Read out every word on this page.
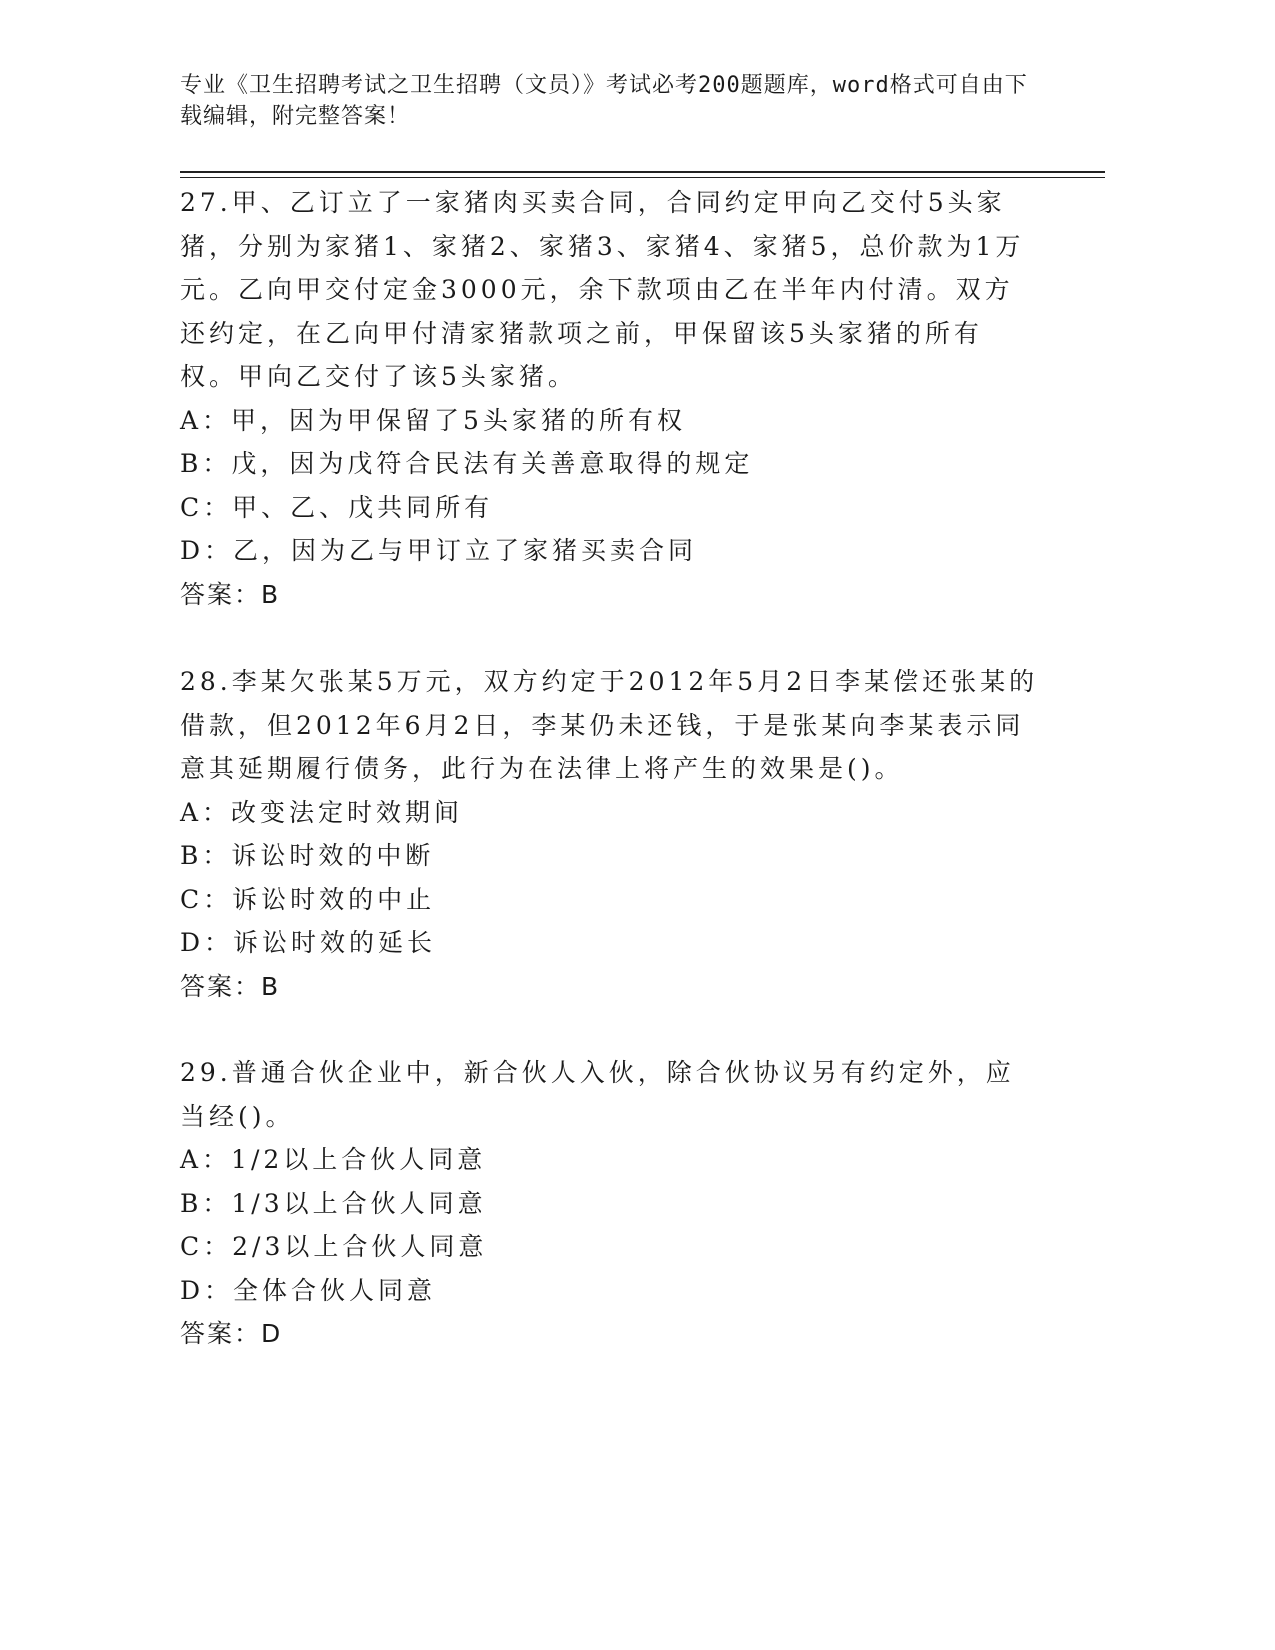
专业《卫生招聘考试之卫生招聘（文员）》考试必考200题题库，word格式可自由下载编辑，附完整答案！

27.甲、乙订立了一家猪肉买卖合同，合同约定甲向乙交付5头家猪，分别为家猪1、家猪2、家猪3、家猪4、家猪5，总价款为1万元。乙向甲交付定金3000元，余下款项由乙在半年内付清。双方还约定，在乙向甲付清家猪款项之前，甲保留该5头家猪的所有权。甲向乙交付了该5头家猪。

A：甲，因为甲保留了5头家猪的所有权

B：戊，因为戊符合民法有关善意取得的规定

C：甲、乙、戊共同所有

D：乙，因为乙与甲订立了家猪买卖合同

答案：B

28.李某欠张某5万元，双方约定于2012年5月2日李某偿还张某的借款，但2012年6月2日，李某仍未还钱，于是张某向李某表示同意其延期履行债务，此行为在法律上将产生的效果是()。

A：改变法定时效期间

B：诉讼时效的中断

C：诉讼时效的中止

D：诉讼时效的延长

答案：B

29.普通合伙企业中，新合伙人入伙，除合伙协议另有约定外，应当经()。

A：1/2以上合伙人同意

B：1/3以上合伙人同意

C：2/3以上合伙人同意

D：全体合伙人同意

答案：D
